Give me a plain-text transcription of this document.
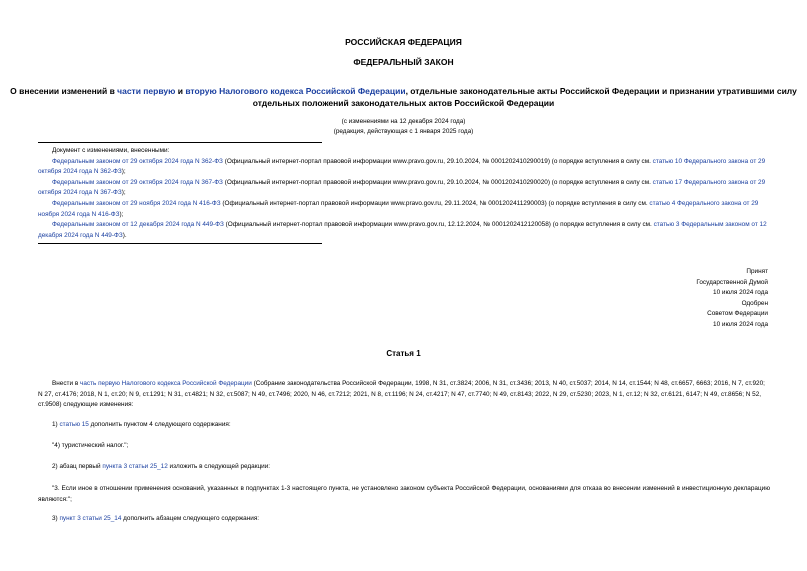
РОССИЙСКАЯ ФЕДЕРАЦИЯ
ФЕДЕРАЛЬНЫЙ ЗАКОН
О внесении изменений в части первую и вторую Налогового кодекса Российской Федерации, отдельные законодательные акты Российской Федерации и признании утратившими силу отдельных положений законодательных актов Российской Федерации
(с изменениями на 12 декабря 2024 года)
(редакция, действующая с 1 января 2025 года)
Документ с изменениями, внесенными:
Федеральным законом от 29 октября 2024 года N 362-ФЗ (Официальный интернет-портал правовой информации www.pravo.gov.ru, 29.10.2024, № 0001202410290019) (о порядке вступления в силу см. статью 10 Федерального закона от 29 октября 2024 года N 362-ФЗ);
Федеральным законом от 29 октября 2024 года N 367-ФЗ (Официальный интернет-портал правовой информации www.pravo.gov.ru, 29.10.2024, № 0001202410290020) (о порядке вступления в силу см. статью 17 Федерального закона от 29 октября 2024 года N 367-ФЗ);
Федеральным законом от 29 ноября 2024 года N 416-ФЗ (Официальный интернет-портал правовой информации www.pravo.gov.ru, 29.11.2024, № 0001202411290003) (о порядке вступления в силу см. статью 4 Федерального закона от 29 ноября 2024 года N 416-ФЗ);
Федеральным законом от 12 декабря 2024 года N 449-ФЗ (Официальный интернет-портал правовой информации www.pravo.gov.ru, 12.12.2024, № 0001202412120058) (о порядке вступления в силу см. статью 3 Федеральным законом от 12 декабря 2024 года N 449-ФЗ).
Принят
Государственной Думой
10 июля 2024 года
Одобрен
Советом Федерации
10 июля 2024 года
Статья 1
Внести в часть первую Налогового кодекса Российской Федерации (Собрание законодательства Российской Федерации, 1998, N 31, ст.3824; 2006, N 31, ст.3436; 2013, N 40, ст.5037; 2014, N 14, ст.1544; N 48, ст.6657, 6663; 2016, N 7, ст.920; N 27, ст.4176; 2018, N 1, ст.20; N 9, ст.1291; N 31, ст.4821; N 32, ст.5087; N 49, ст.7496; 2020, N 46, ст.7212; 2021, N 8, ст.1196; N 24, ст.4217; N 47, ст.7740; N 49, ст.8143; 2022, N 29, ст.5230; 2023, N 1, ст.12; N 32, ст.6121, 6147; N 49, ст.8656; N 52, ст.9508) следующие изменения:
1) статью 15 дополнить пунктом 4 следующего содержания:
"4) туристический налог.";
2) абзац первый пункта 3 статьи 25_12 изложить в следующей редакции:
"3. Если иное в отношении применения оснований, указанных в подпунктах 1-3 настоящего пункта, не установлено законом субъекта Российской Федерации, основаниями для отказа во внесении изменений в инвестиционную декларацию являются:";
3) пункт 3 статьи 25_14 дополнить абзацем следующего содержания:
